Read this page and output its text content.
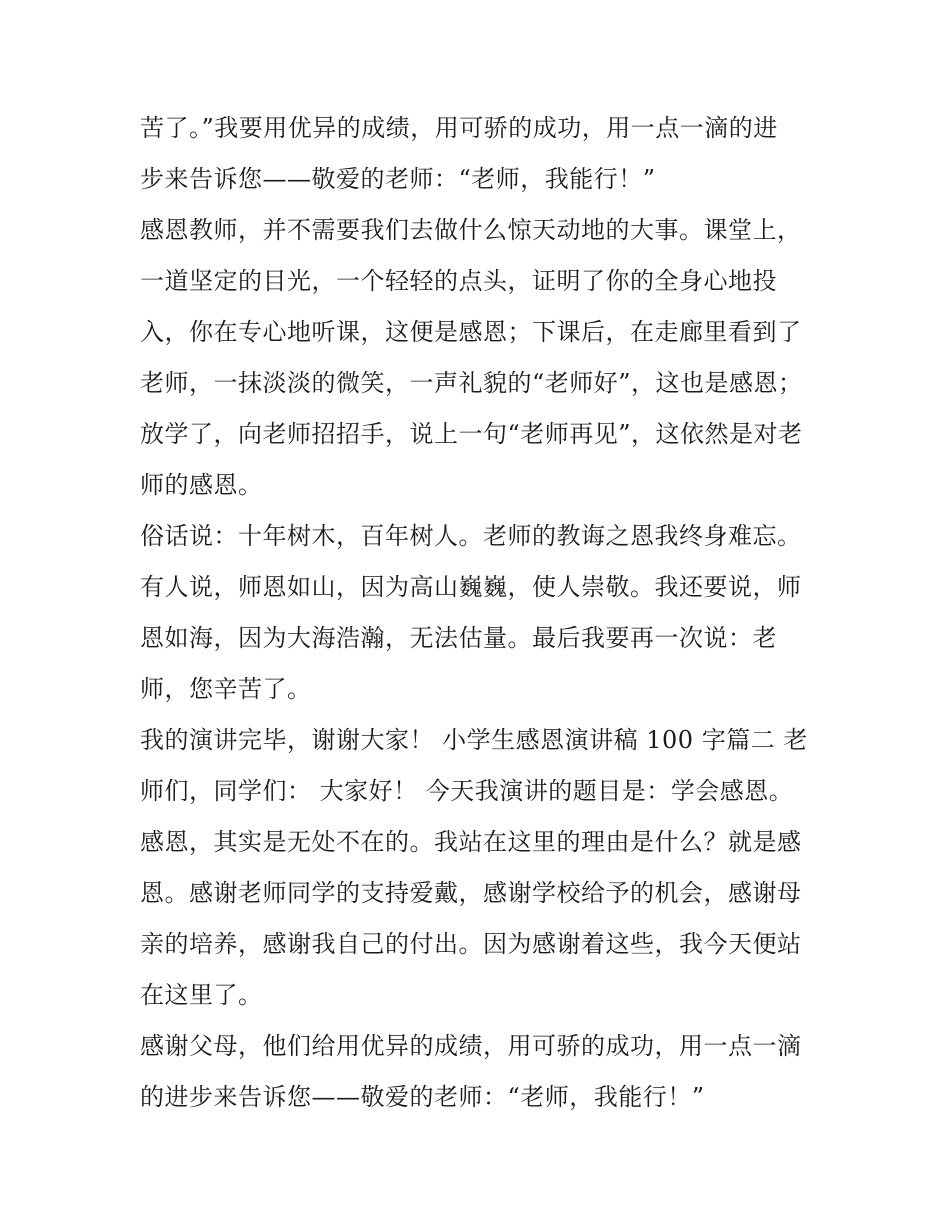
苦了。”我要用优异的成绩，用可骄的成功，用一点一滴的进
步来告诉您——敬爱的老师：“老师，我能行！”
感恩教师，并不需要我们去做什么惊天动地的大事。课堂上，
一道坚定的目光，一个轻轻的点头，证明了你的全身心地投
入，你在专心地听课，这便是感恩；下课后，在走廊里看到了
老师，一抹淡淡的微笑，一声礼貌的“老师好”，这也是感恩；
放学了，向老师招招手，说上一句“老师再见”，这依然是对老
师的感恩。
俗话说：十年树木，百年树人。老师的教诲之恩我终身难忘。
有人说，师恩如山，因为高山巍巍，使人崇敬。我还要说，师
恩如海，因为大海浩瀚，无法估量。最后我要再一次说：老
师，您辛苦了。
我的演讲完毕，谢谢大家！ 小学生感恩演讲稿 100 字篇二 老
师们，同学们： 大家好！ 今天我演讲的题目是：学会感恩。
感恩，其实是无处不在的。我站在这里的理由是什么？就是感
恩。感谢老师同学的支持爱戴，感谢学校给予的机会，感谢母
亲的培养，感谢我自己的付出。因为感谢着这些，我今天便站
在这里了。
感谢父母，他们给用优异的成绩，用可骄的成功，用一点一滴
的进步来告诉您——敬爱的老师：“老师，我能行！”
